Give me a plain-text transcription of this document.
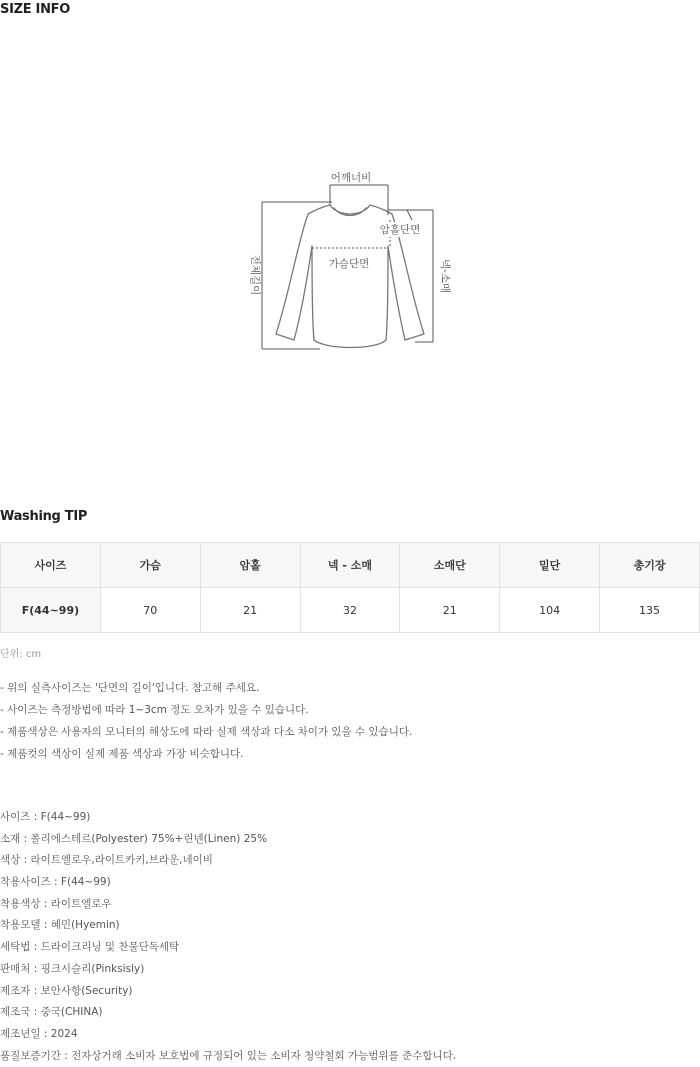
SIZE INFO
어깨너비
암홀단면
가슴단면
전체길이	넥-소매
Washing TIP
사이즈	가슴	암홀	넥 - 소매	소매단	밑단	총기장
F(44~99)	70	21	32	21	104	135
단위: cm
- 위의 실측사이즈는 '단면의 길이'입니다. 참고해 주세요.
- 사이즈는 측정방법에 따라 1~3cm 정도 오차가 있을 수 있습니다.
- 제품색상은 사용자의 모니터의 해상도에 따라 실제 색상과 다소 차이가 있을 수 있습니다.
- 제품컷의 색상이 실제 제품 색상과 가장 비슷합니다.
사이즈 : F(44~99)
소재 : 폴리에스테르(Polyester) 75%+린넨(Linen) 25%
색상 : 라이트엘로우,라이트카키,브라운,네이비
착용사이즈 : F(44~99)
착용색상 : 라이트엘로우
착용모델 : 혜민(Hyemin)
세탁법 : 드라이크리닝 및 찬물단독세탁
판매처 : 핑크시슬리(Pinksisly)
제조자 : 보안사항(Security)
제조국 : 중국(CHINA)
제조년일 : 2024
품질보증기간 : 전자상거래 소비자 보호법에 규정되어 있는 소비자 청약철회 가능범위를 준수합니다.
